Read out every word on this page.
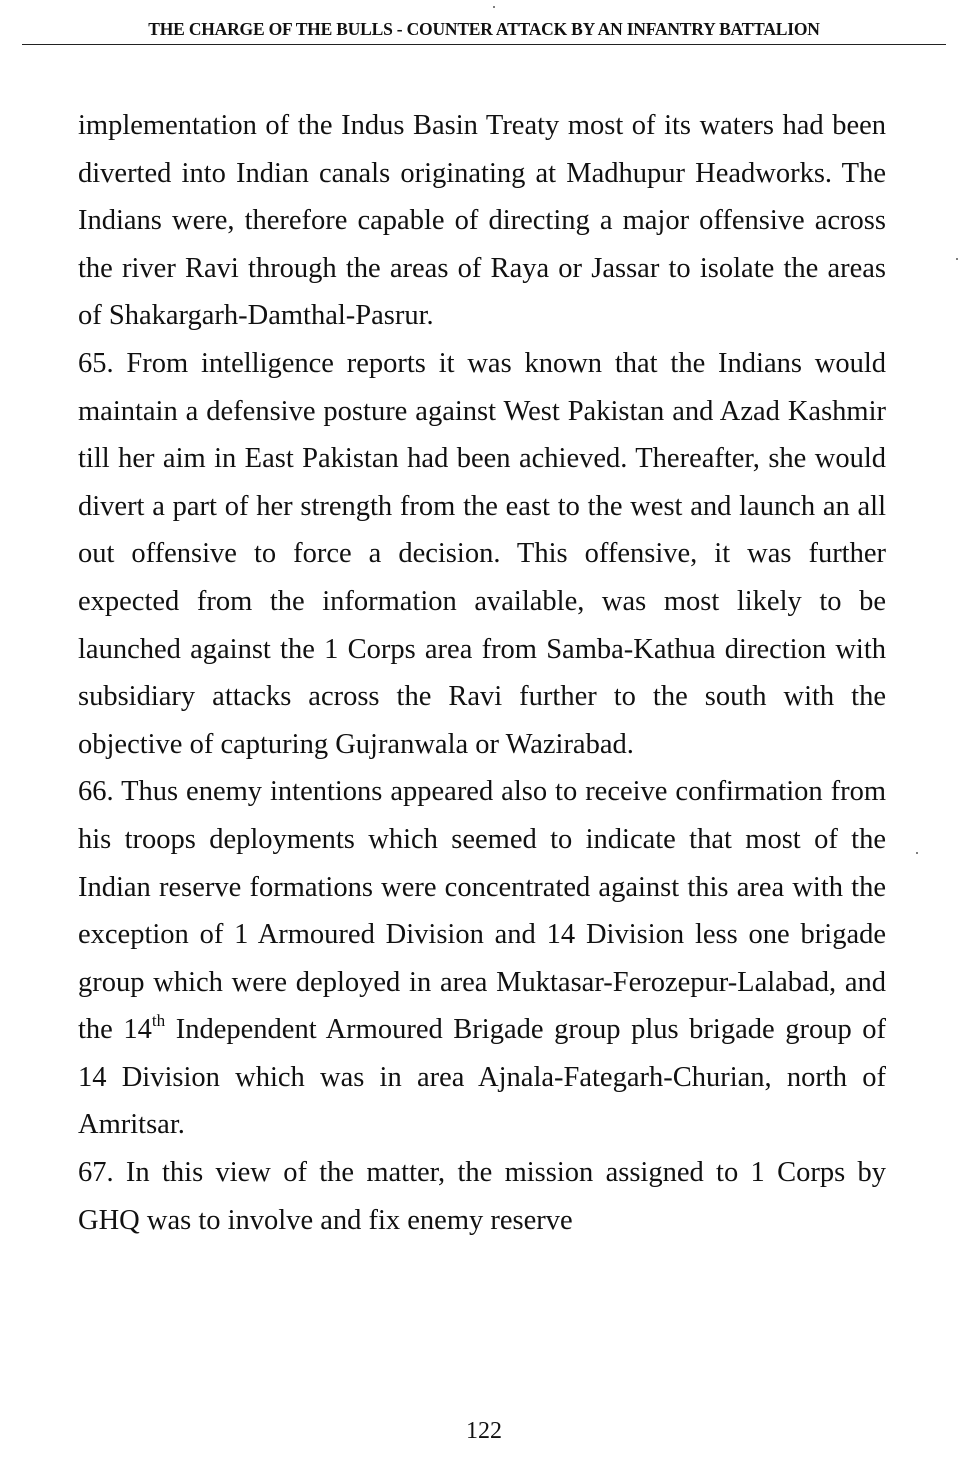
THE CHARGE OF THE BULLS - COUNTER ATTACK BY AN INFANTRY BATTALION

implementation of the Indus Basin Treaty most of its waters had been diverted into Indian canals originating at Madhupur Headworks. The Indians were, therefore capable of directing a major offensive across the river Ravi through the areas of Raya or Jassar to isolate the areas of Shakargarh-Damthal-Pasrur.

65. From intelligence reports it was known that the Indians would maintain a defensive posture against West Pakistan and Azad Kashmir till her aim in East Pakistan had been achieved. Thereafter, she would divert a part of her strength from the east to the west and launch an all out offensive to force a decision. This offensive, it was further expected from the information available, was most likely to be launched against the 1 Corps area from Samba-Kathua direction with subsidiary attacks across the Ravi further to the south with the objective of capturing Gujranwala or Wazirabad.

66. Thus enemy intentions appeared also to receive confirmation from his troops deployments which seemed to indicate that most of the Indian reserve formations were concentrated against this area with the exception of 1 Armoured Division and 14 Division less one brigade group which were deployed in area Muktasar-Ferozepur-Lalabad, and the 14th Independent Armoured Brigade group plus brigade group of 14 Division which was in area Ajnala-Fategarh-Churian, north of Amritsar.

67. In this view of the matter, the mission assigned to 1 Corps by GHQ was to involve and fix enemy reserve

122
